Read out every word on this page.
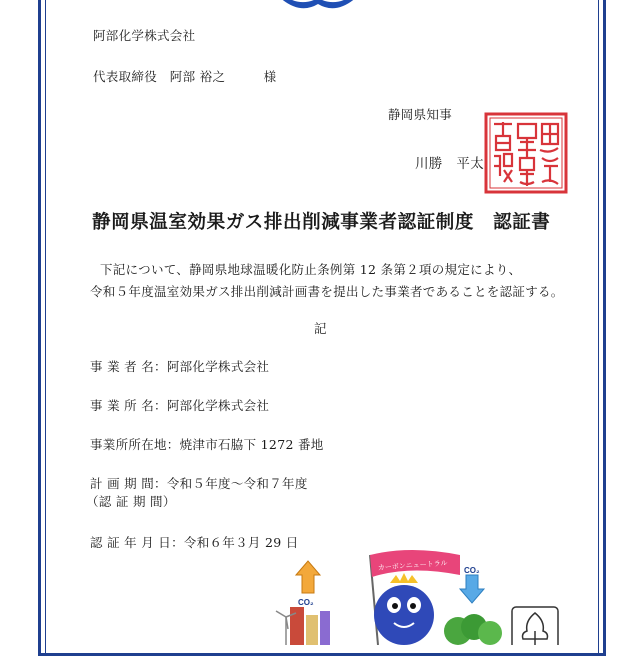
阿部化学株式会社
代表取締役　阿部 裕之　　　様
静岡県知事
川勝　平太
静岡県温室効果ガス排出削減事業者認証制度　認証書
下記について、静岡県地球温暖化防止条例第 12 条第２項の規定により、
令和５年度温室効果ガス排出削減計画書を提出した事業者であることを認証する。
記
事 業 者 名：阿部化学株式会社
事 業 所 名：阿部化学株式会社
事業所所在地：焼津市石脇下 1272 番地
計 画 期 間：令和５年度～令和７年度
（認 証 期 間）
認 証 年 月 日：令和６年３月 29 日
CO₂
カーボンニュートラル CO₂
